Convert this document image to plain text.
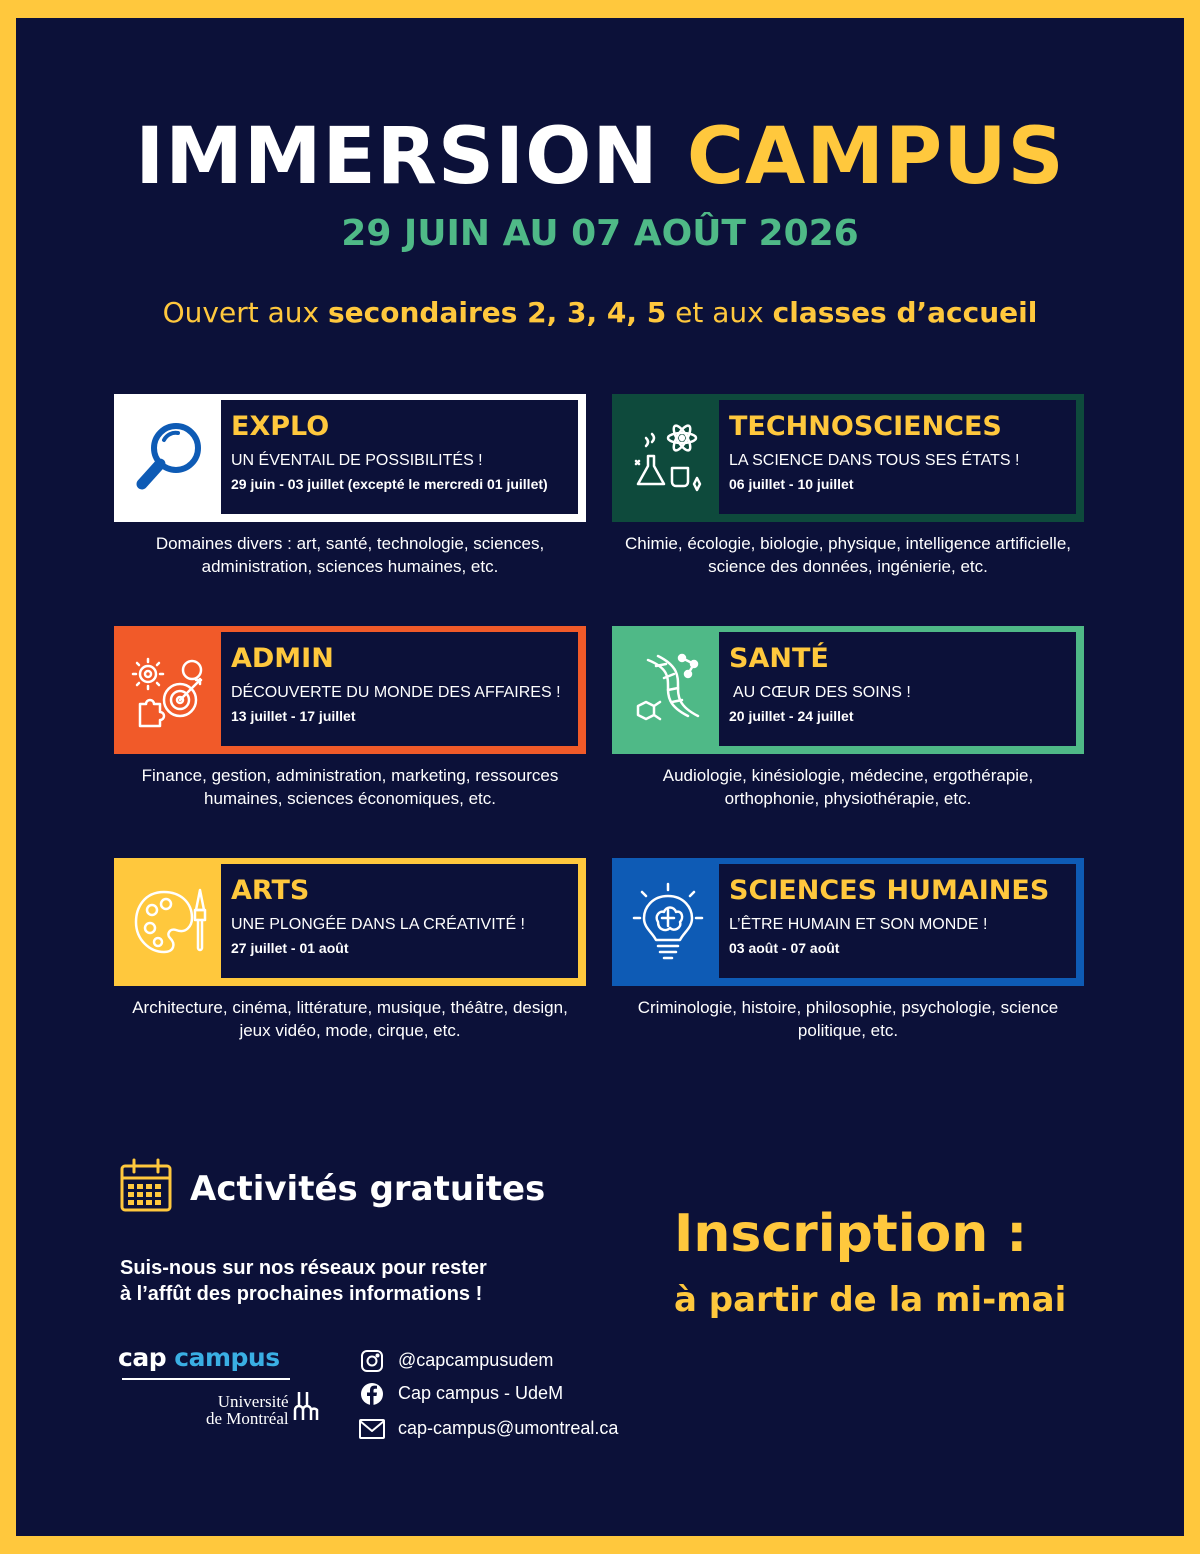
IMMERSION CAMPUS
29 JUIN AU 07 AOÛT 2026
Ouvert aux secondaires 2, 3, 4, 5 et aux classes d’accueil
EXPLO
UN ÉVENTAIL DE POSSIBILITÉS !
29 juin - 03 juillet (excepté le mercredi 01 juillet)
Domaines divers : art, santé, technologie, sciences, administration, sciences humaines, etc.
TECHNOSCIENCES
LA SCIENCE DANS TOUS SES ÉTATS !
06 juillet - 10 juillet
Chimie, écologie, biologie, physique, intelligence artificielle, science des données, ingénierie, etc.
ADMIN
DÉCOUVERTE DU MONDE DES AFFAIRES !
13 juillet - 17 juillet
Finance, gestion, administration, marketing, ressources humaines, sciences économiques, etc.
SANTÉ
AU CŒUR DES SOINS !
20 juillet - 24 juillet
Audiologie, kinésiologie, médecine, ergothérapie, orthophonie, physiothérapie, etc.
ARTS
UNE PLONGÉE DANS LA CRÉATIVITÉ !
27 juillet - 01 août
Architecture, cinéma, littérature, musique, théâtre, design, jeux vidéo, mode, cirque, etc.
SCIENCES HUMAINES
L’ÊTRE HUMAIN ET SON MONDE !
03 août - 07 août
Criminologie, histoire, philosophie, psychologie, science politique, etc.
Activités gratuites
Suis-nous sur nos réseaux pour rester
à l’affût des prochaines informations !
cap campus
Université
de Montréal
@capcampusudem
Cap campus - UdeM
cap-campus@umontreal.ca
Inscription :
à partir de la mi-mai
